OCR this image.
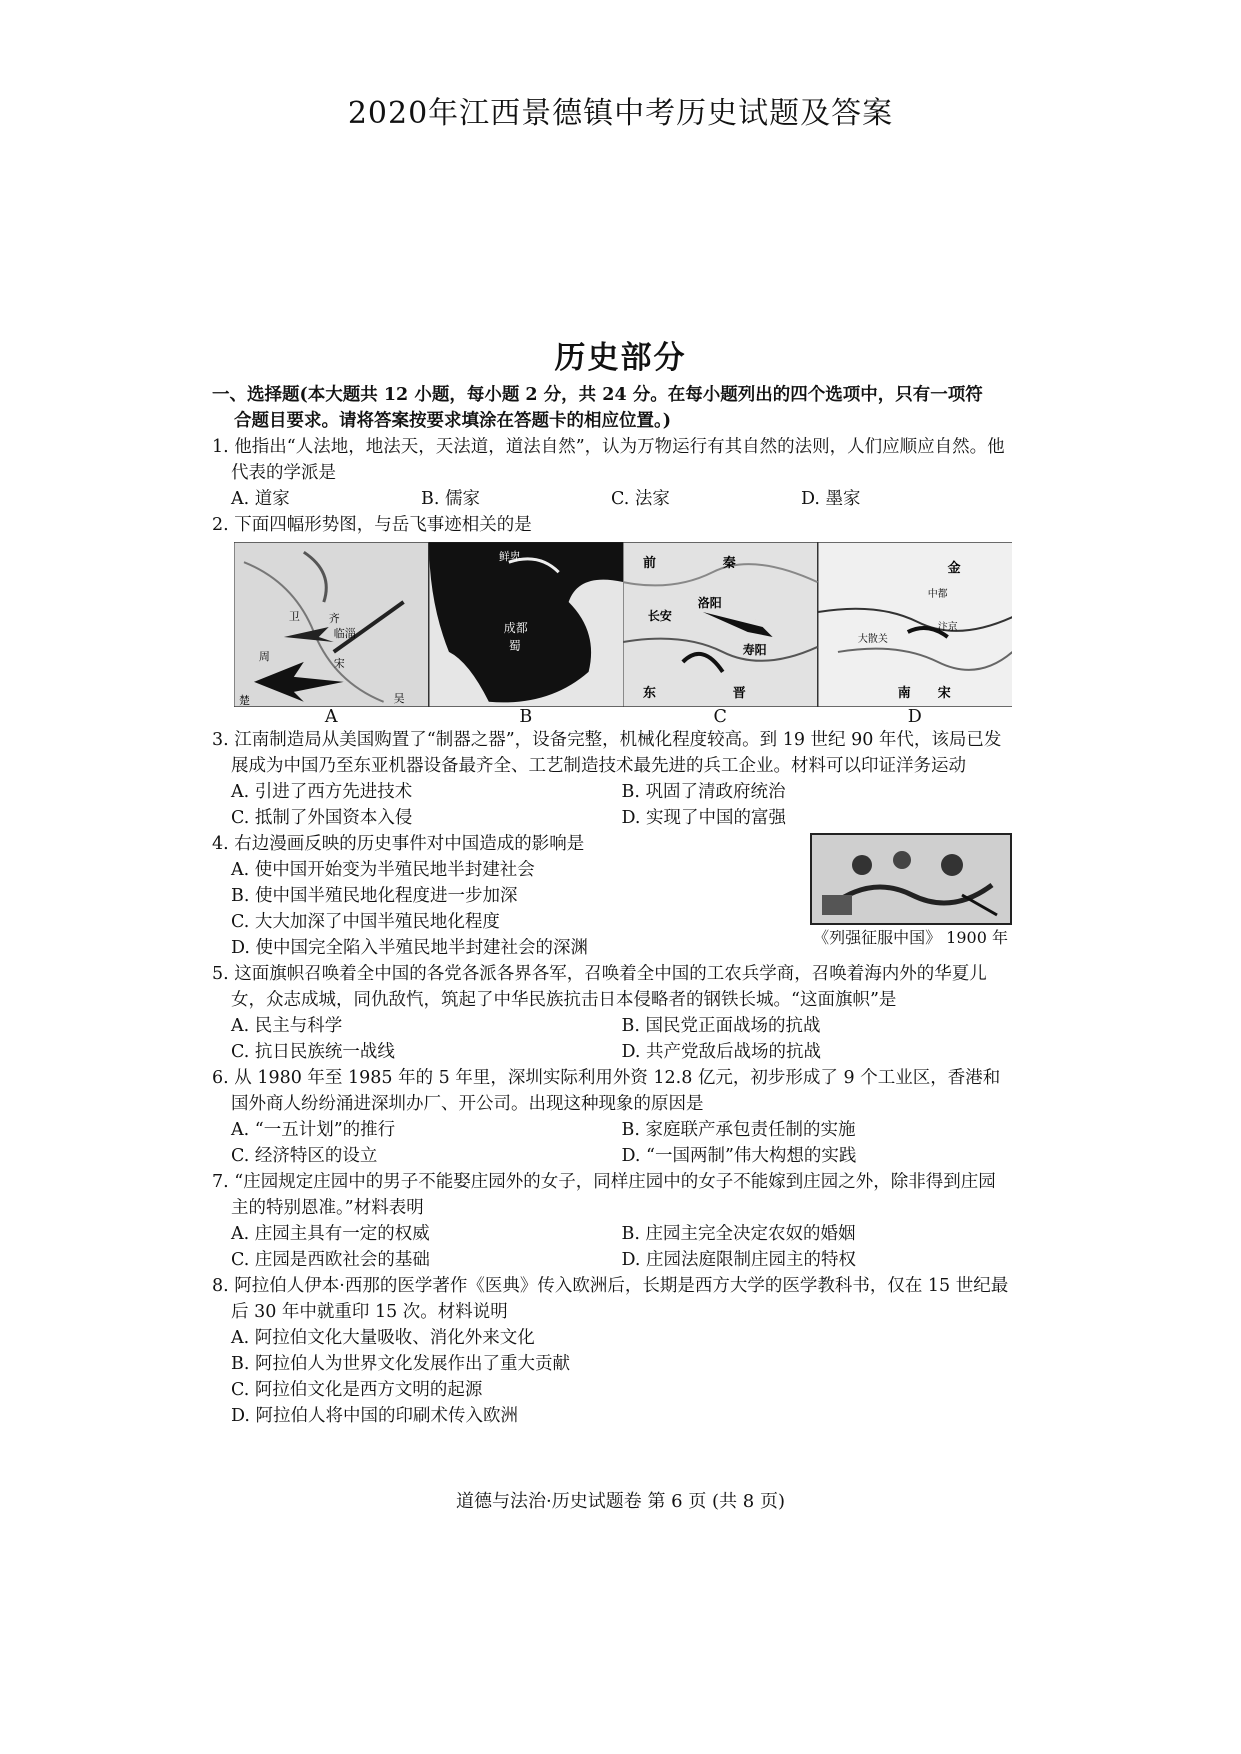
2020年江西景德镇中考历史试题及答案
历史部分
一、选择题(本大题共 12 小题，每小题 2 分，共 24 分。在每小题列出的四个选项中，只有一项符
合题目要求。请将答案按要求填涂在答题卡的相应位置。)
1. 他指出“人法地，地法天，天法道，道法自然”，认为万物运行有其自然的法则，人们应顺应自然。他代表的学派是
A. 道家	B. 儒家	C. 法家	D. 墨家
2. 下面四幅形势图，与岳飞事迹相关的是
齐
临淄
卫
宋
周
楚	吴
鲜卑
成都
蜀
前	秦
洛阳
长安
寿阳
东	晋
金
中都
汴京
大散关
南 宋
A	B	C	D
3. 江南制造局从美国购置了“制器之器”，设备完整，机械化程度较高。到 19 世纪 90 年代，该局已发展成为中国乃至东亚机器设备最齐全、工艺制造技术最先进的兵工企业。材料可以印证洋务运动
A. 引进了西方先进技术	B. 巩固了清政府统治
C. 抵制了外国资本入侵	D. 实现了中国的富强
4. 右边漫画反映的历史事件对中国造成的影响是
A. 使中国开始变为半殖民地半封建社会
B. 使中国半殖民地化程度进一步加深
C. 大大加深了中国半殖民地化程度
D. 使中国完全陷入半殖民地半封建社会的深渊
《列强征服中国》 1900 年
5. 这面旗帜召唤着全中国的各党各派各界各军，召唤着全中国的工农兵学商，召唤着海内外的华夏儿女，众志成城，同仇敌忾，筑起了中华民族抗击日本侵略者的钢铁长城。“这面旗帜”是
A. 民主与科学	B. 国民党正面战场的抗战
C. 抗日民族统一战线	D. 共产党敌后战场的抗战
6. 从 1980 年至 1985 年的 5 年里，深圳实际利用外资 12.8 亿元，初步形成了 9 个工业区，香港和国外商人纷纷涌进深圳办厂、开公司。出现这种现象的原因是
A. “一五计划”的推行	B. 家庭联产承包责任制的实施
C. 经济特区的设立	D. “一国两制”伟大构想的实践
7. “庄园规定庄园中的男子不能娶庄园外的女子，同样庄园中的女子不能嫁到庄园之外，除非得到庄园主的特别恩准。”材料表明
A. 庄园主具有一定的权威	B. 庄园主完全决定农奴的婚姻
C. 庄园是西欧社会的基础	D. 庄园法庭限制庄园主的特权
8. 阿拉伯人伊本·西那的医学著作《医典》传入欧洲后，长期是西方大学的医学教科书，仅在 15 世纪最后 30 年中就重印 15 次。材料说明
A. 阿拉伯文化大量吸收、消化外来文化
B. 阿拉伯人为世界文化发展作出了重大贡献
C. 阿拉伯文化是西方文明的起源
D. 阿拉伯人将中国的印刷术传入欧洲
道德与法治·历史试题卷 第 6 页 (共 8 页)
